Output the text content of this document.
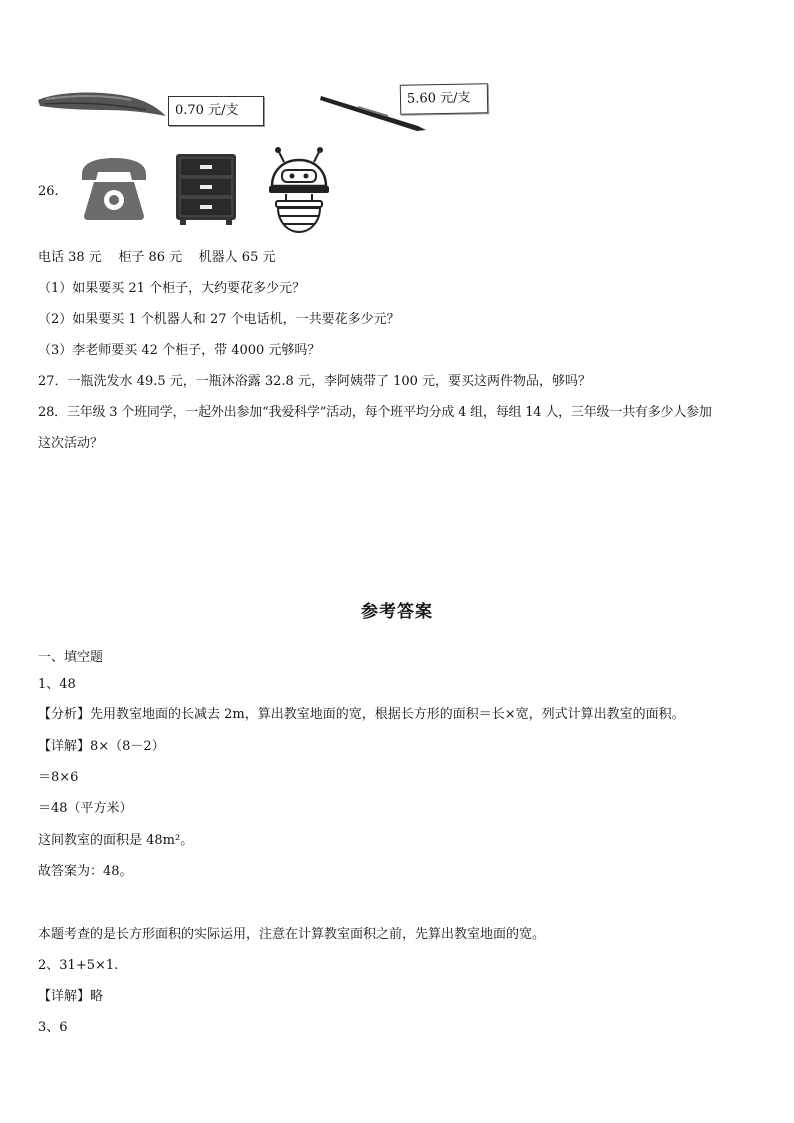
0.70 元/支
5.60 元/支
26.
电话 38 元    柜子 86 元    机器人 65 元
（1）如果要买 21 个柜子，大约要花多少元？
（2）如果要买 1 个机器人和 27 个电话机，一共要花多少元？
（3）李老师要买 42 个柜子，带 4000 元够吗？
27．一瓶洗发水 49.5 元，一瓶沐浴露 32.8 元，李阿姨带了 100 元，要买这两件物品，够吗？
28．三年级 3 个班同学，一起外出参加“我爱科学”活动，每个班平均分成 4 组，每组 14 人，三年级一共有多少人参加
这次活动？
参考答案
一、填空题
1、48
【分析】先用教室地面的长减去 2m，算出教室地面的宽，根据长方形的面积＝长×宽，列式计算出教室的面积。
【详解】8×（8－2）
＝8×6
＝48（平方米）
这间教室的面积是 48m²。
故答案为：48。
本题考查的是长方形面积的实际运用，注意在计算教室面积之前，先算出教室地面的宽。
2、31+5×1.
【详解】略
3、6
